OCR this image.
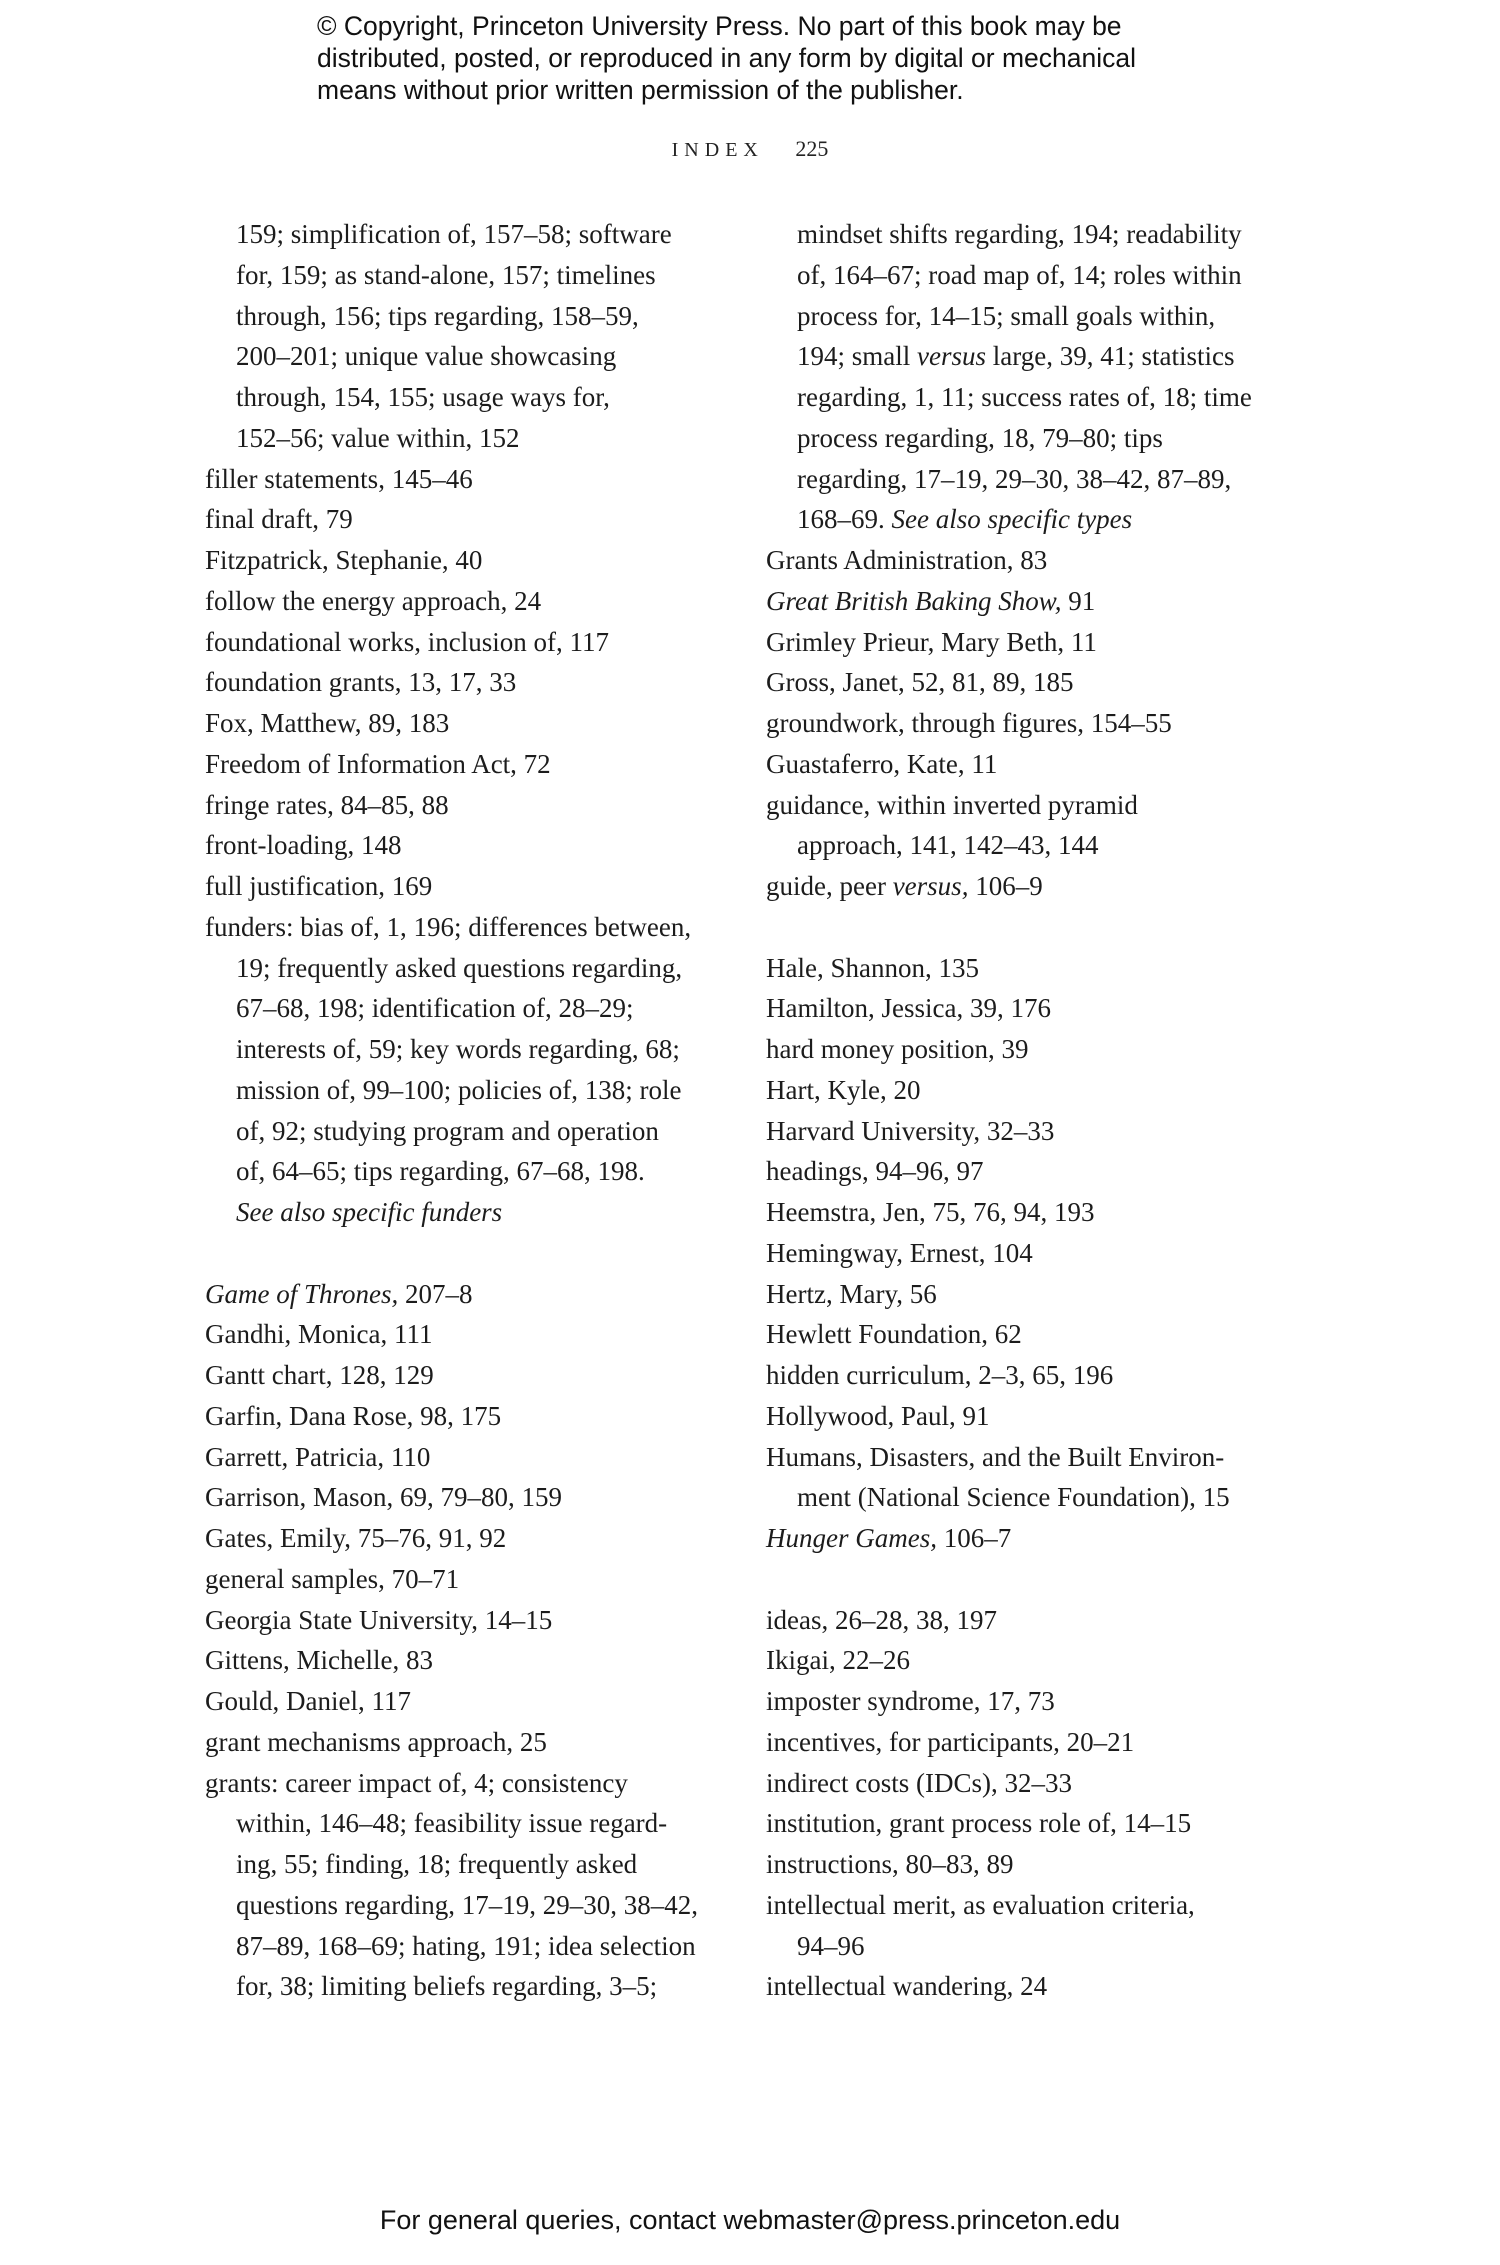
© Copyright, Princeton University Press. No part of this book may be
distributed, posted, or reproduced in any form by digital or mechanical
means without prior written permission of the publisher.
INDEX 225
159; simplification of, 157–58; software
for, 159; as stand-alone, 157; timelines
through, 156; tips regarding, 158–59,
200–201; unique value showcasing
through, 154, 155; usage ways for,
152–56; value within, 152
filler statements, 145–46
final draft, 79
Fitzpatrick, Stephanie, 40
follow the energy approach, 24
foundational works, inclusion of, 117
foundation grants, 13, 17, 33
Fox, Matthew, 89, 183
Freedom of Information Act, 72
fringe rates, 84–85, 88
front-loading, 148
full justification, 169
funders: bias of, 1, 196; differences between,
19; frequently asked questions regarding,
67–68, 198; identification of, 28–29;
interests of, 59; key words regarding, 68;
mission of, 99–100; policies of, 138; role
of, 92; studying program and operation
of, 64–65; tips regarding, 67–68, 198.
See also specific funders
Game of Thrones, 207–8
Gandhi, Monica, 111
Gantt chart, 128, 129
Garfin, Dana Rose, 98, 175
Garrett, Patricia, 110
Garrison, Mason, 69, 79–80, 159
Gates, Emily, 75–76, 91, 92
general samples, 70–71
Georgia State University, 14–15
Gittens, Michelle, 83
Gould, Daniel, 117
grant mechanisms approach, 25
grants: career impact of, 4; consistency
within, 146–48; feasibility issue regard-
ing, 55; finding, 18; frequently asked
questions regarding, 17–19, 29–30, 38–42,
87–89, 168–69; hating, 191; idea selection
for, 38; limiting beliefs regarding, 3–5;
mindset shifts regarding, 194; readability
of, 164–67; road map of, 14; roles within
process for, 14–15; small goals within,
194; small versus large, 39, 41; statistics
regarding, 1, 11; success rates of, 18; time
process regarding, 18, 79–80; tips
regarding, 17–19, 29–30, 38–42, 87–89,
168–69. See also specific types
Grants Administration, 83
Great British Baking Show, 91
Grimley Prieur, Mary Beth, 11
Gross, Janet, 52, 81, 89, 185
groundwork, through figures, 154–55
Guastaferro, Kate, 11
guidance, within inverted pyramid
approach, 141, 142–43, 144
guide, peer versus, 106–9
Hale, Shannon, 135
Hamilton, Jessica, 39, 176
hard money position, 39
Hart, Kyle, 20
Harvard University, 32–33
headings, 94–96, 97
Heemstra, Jen, 75, 76, 94, 193
Hemingway, Ernest, 104
Hertz, Mary, 56
Hewlett Foundation, 62
hidden curriculum, 2–3, 65, 196
Hollywood, Paul, 91
Humans, Disasters, and the Built Environ-
ment (National Science Foundation), 15
Hunger Games, 106–7
ideas, 26–28, 38, 197
Ikigai, 22–26
imposter syndrome, 17, 73
incentives, for participants, 20–21
indirect costs (IDCs), 32–33
institution, grant process role of, 14–15
instructions, 80–83, 89
intellectual merit, as evaluation criteria,
94–96
intellectual wandering, 24
For general queries, contact webmaster@press.princeton.edu
